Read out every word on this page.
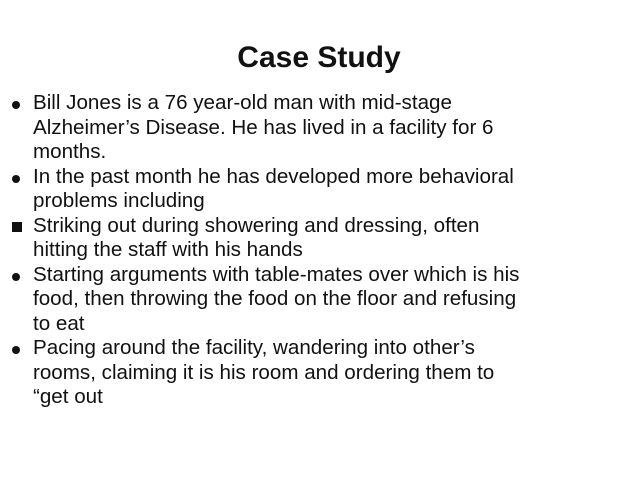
Case Study
Bill Jones is a 76 year-old man with mid-stage
Alzheimer’s Disease. He has lived in a facility for 6
months.
In the past month he has developed more behavioral
problems including
Striking out during showering and dressing, often
hitting the staff with his hands
Starting arguments with table-mates over which is his
food, then throwing the food on the floor and refusing
to eat
Pacing around the facility, wandering into other’s
rooms, claiming it is his room and ordering them to
“get out
